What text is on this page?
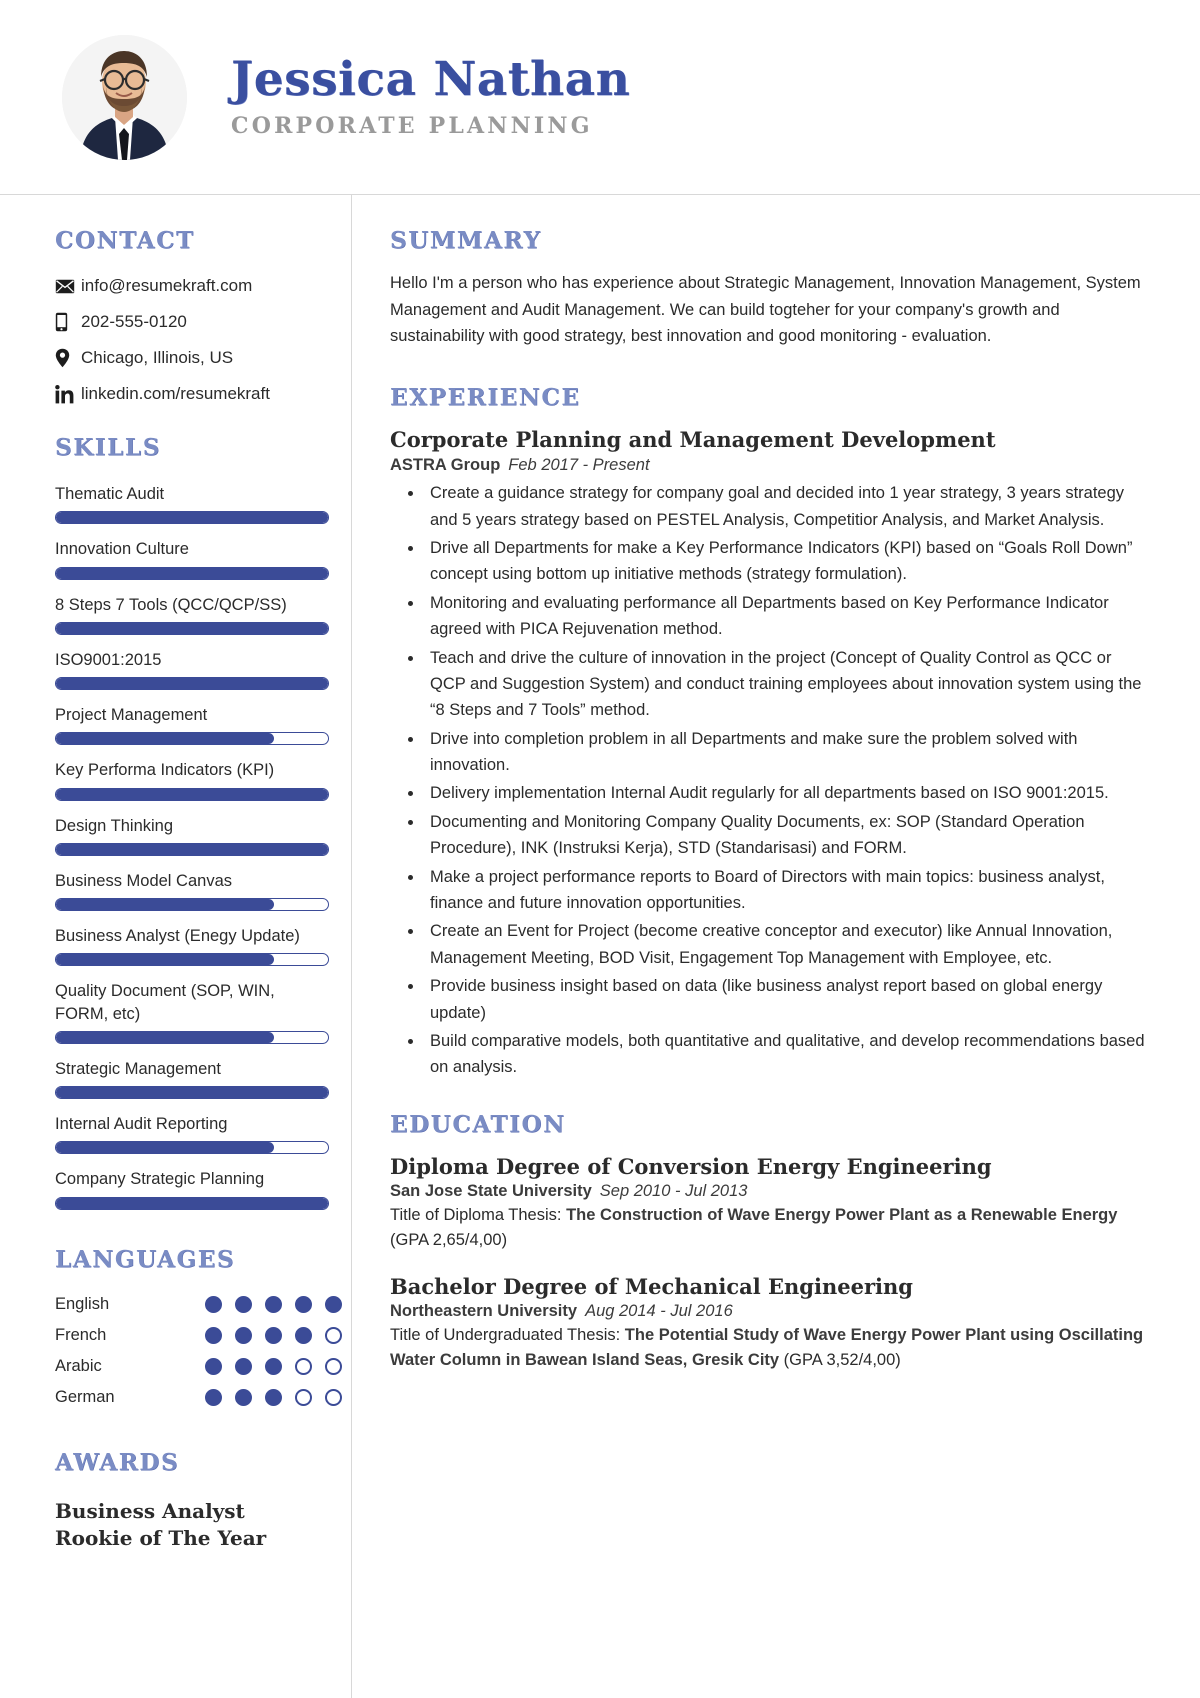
Jessica Nathan
CORPORATE PLANNING
CONTACT
info@resumekraft.com
202-555-0120
Chicago, Illinois, US
linkedin.com/resumekraft
SKILLS
Thematic Audit
Innovation Culture
8 Steps 7 Tools (QCC/QCP/SS)
ISO9001:2015
Project Management
Key Performa Indicators (KPI)
Design Thinking
Business Model Canvas
Business Analyst (Enegy Update)
Quality Document (SOP, WIN, FORM, etc)
Strategic Management
Internal Audit Reporting
Company Strategic Planning
LANGUAGES
English
French
Arabic
German
AWARDS
Business Analyst Rookie of The Year
SUMMARY
Hello I'm a person who has experience about Strategic Management, Innovation Management, System Management and Audit Management. We can build togteher for your company's growth and sustainability with good strategy, best innovation and good monitoring - evaluation.
EXPERIENCE
Corporate Planning and Management Development
ASTRA Group Feb 2017 - Present
• Create a guidance strategy for company goal and decided into 1 year strategy, 3 years strategy and 5 years strategy based on PESTEL Analysis, Competitior Analysis, and Market Analysis.
• Drive all Departments for make a Key Performance Indicators (KPI) based on “Goals Roll Down” concept using bottom up initiative methods (strategy formulation).
• Monitoring and evaluating performance all Departments based on Key Performance Indicator agreed with PICA Rejuvenation method.
• Teach and drive the culture of innovation in the project (Concept of Quality Control as QCC or QCP and Suggestion System) and conduct training employees about innovation system using the “8 Steps and 7 Tools” method.
• Drive into completion problem in all Departments and make sure the problem solved with innovation.
• Delivery implementation Internal Audit regularly for all departments based on ISO 9001:2015.
• Documenting and Monitoring Company Quality Documents, ex: SOP (Standard Operation Procedure), INK (Instruksi Kerja), STD (Standarisasi) and FORM.
• Make a project performance reports to Board of Directors with main topics: business analyst, finance and future innovation opportunities.
• Create an Event for Project (become creative conceptor and executor) like Annual Innovation, Management Meeting, BOD Visit, Engagement Top Management with Employee, etc.
• Provide business insight based on data (like business analyst report based on global energy update)
• Build comparative models, both quantitative and qualitative, and develop recommendations based on analysis.
EDUCATION
Diploma Degree of Conversion Energy Engineering
San Jose State University Sep 2010 - Jul 2013
Title of Diploma Thesis: The Construction of Wave Energy Power Plant as a Renewable Energy (GPA 2,65/4,00)
Bachelor Degree of Mechanical Engineering
Northeastern University Aug 2014 - Jul 2016
Title of Undergraduated Thesis: The Potential Study of Wave Energy Power Plant using Oscillating Water Column in Bawean Island Seas, Gresik City (GPA 3,52/4,00)
